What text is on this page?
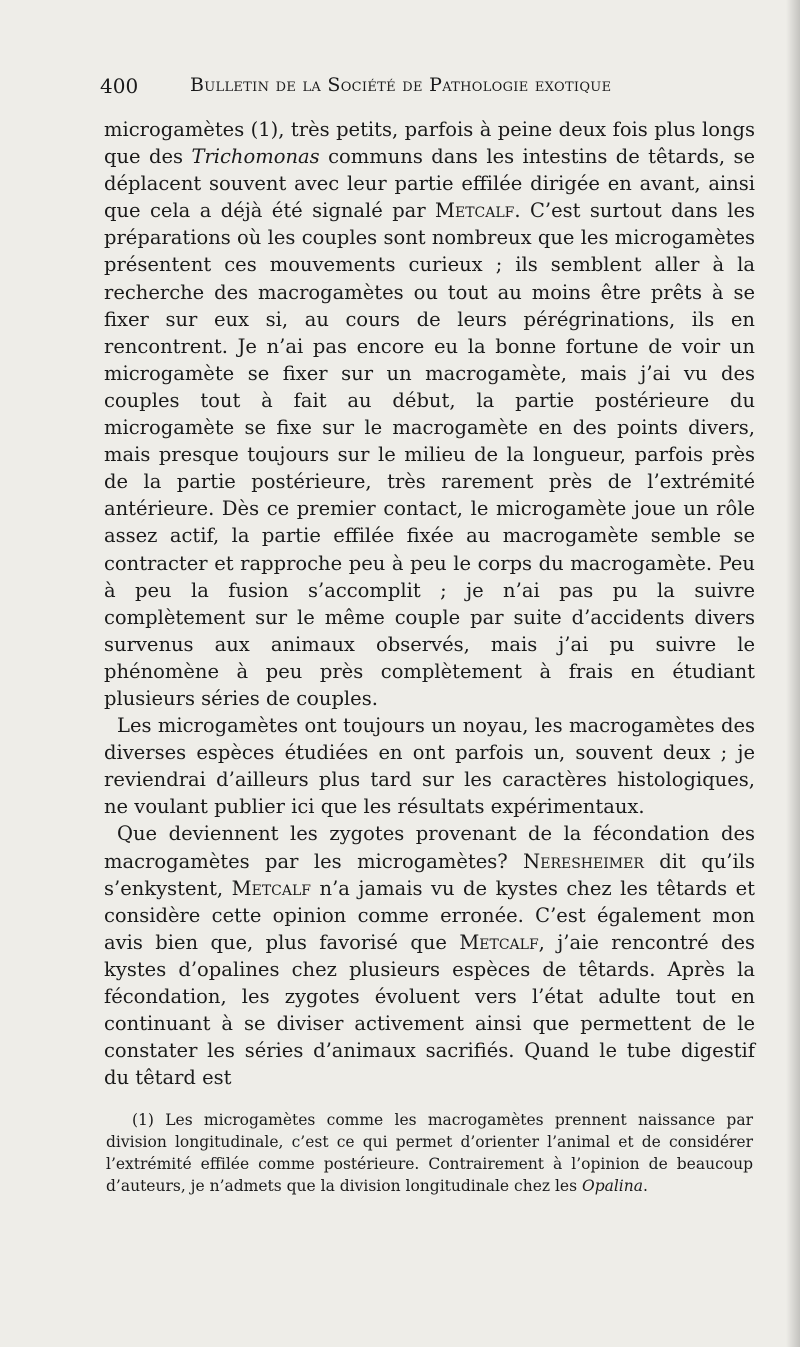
400	Bulletin de la Société de Pathologie exotique

microgamètes (1), très petits, parfois à peine deux fois plus longs que des Trichomonas communs dans les intestins de têtards, se déplacent souvent avec leur partie effilée dirigée en avant, ainsi que cela a déjà été signalé par Metcalf. C’est surtout dans les préparations où les couples sont nombreux que les microgamètes présentent ces mouvements curieux ; ils semblent aller à la recherche des macrogamètes ou tout au moins être prêts à se fixer sur eux si, au cours de leurs pérégrinations, ils en rencontrent. Je n’ai pas encore eu la bonne fortune de voir un microgamète se fixer sur un macrogamète, mais j’ai vu des couples tout à fait au début, la partie postérieure du microgamète se fixe sur le macrogamète en des points divers, mais presque toujours sur le milieu de la longueur, parfois près de la partie postérieure, très rarement près de l’extrémité antérieure. Dès ce premier contact, le microgamète joue un rôle assez actif, la partie effilée fixée au macrogamète semble se contracter et rapproche peu à peu le corps du macrogamète. Peu à peu la fusion s’accomplit ; je n’ai pas pu la suivre complètement sur le même couple par suite d’accidents divers survenus aux animaux observés, mais j’ai pu suivre le phénomène à peu près complètement à frais en étudiant plusieurs séries de couples.

Les microgamètes ont toujours un noyau, les macrogamètes des diverses espèces étudiées en ont parfois un, souvent deux ; je reviendrai d’ailleurs plus tard sur les caractères histologiques, ne voulant publier ici que les résultats expérimentaux.

Que deviennent les zygotes provenant de la fécondation des macrogamètes par les microgamètes? Neresheimer dit qu’ils s’enkystent, Metcalf n’a jamais vu de kystes chez les têtards et considère cette opinion comme erronée. C’est également mon avis bien que, plus favorisé que Metcalf, j’aie rencontré des kystes d’opalines chez plusieurs espèces de têtards. Après la fécondation, les zygotes évoluent vers l’état adulte tout en continuant à se diviser activement ainsi que permettent de le constater les séries d’animaux sacrifiés. Quand le tube digestif du têtard est

(1) Les microgamètes comme les macrogamètes prennent naissance par division longitudinale, c’est ce qui permet d’orienter l’animal et de considérer l’extrémité effilée comme postérieure. Contrairement à l’opinion de beaucoup d’auteurs, je n’admets que la division longitudinale chez les Opalina.
